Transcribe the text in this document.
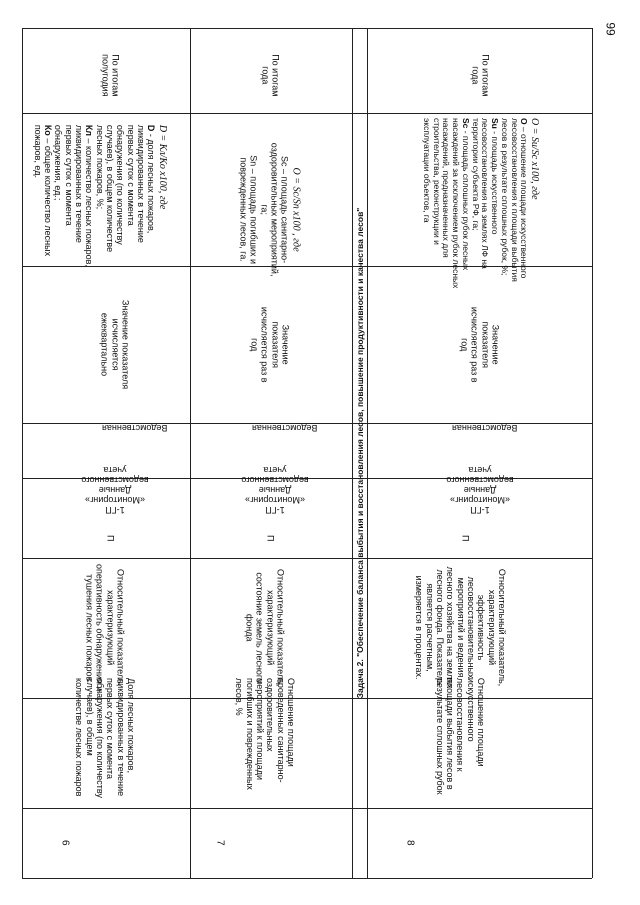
99
6
Доля лесных пожаров, ликвидированных в течение первых суток с момента обнаружения (по количеству случаев), в общем количестве лесных пожаров
Относительный показатель, характеризующий оперативность обнаружения и тушения лесных пожаров
П
1-ГП «Мониторинг» Данные ведомственного учета
Ведомственная
Значение показателя исчисляется ежеквартально
D = Кл/Ко x100, где
D - доля лесных пожаров, ликвидированных в течение первых суток с момента обнаружения (по количеству случаев), в общем количестве лесных пожаров, %;
Кл – количество лесных пожаров, ликвидированных в течение первых суток с момента обнаружения, ед.;
Ко – общее количество лесных пожаров, ед.
По итогам полугодия
7
Отношение площади проведенных санитарно-оздоровительных мероприятий к площади погибших и поврежденных лесов, %
Относительный показатель, характеризующий состояние земель лесного фонда
П
1-ГП «Мониторинг» Данные ведомственного учета
Ведомственная
Значение показателя исчисляется раз в год
O = Sc/Sn x100 , где
Sc – площадь санитарно-оздоровительных мероприятий, га;
Sn – площадь погибших и поврежденных лесов, га.
По итогам года
Задача 2. "Обеспечение баланса выбытия и восстановления лесов, повышение продуктивности и качества лесов"
8
Отношение площади искусственного лесовосстановления к площади выбытия лесов в результате сплошных рубок
Относительный показатель, характеризующий эффективность лесовосстановительных мероприятий и ведения лесного хозяйства на землях лесного фонда. Показатель является расчетным, измеряется в процентах.
П
1-ГП «Мониторинг» Данные ведомственного учета
Ведомственная
Значение показателя исчисляется раз в год
O = Su/Sc x100, где
O – отношение площади искусственного лесовосстановления к площади выбытия лесов в результате сплошных рубок, %;
Su - площадь искусственного лесовосстановления на землях ЛФ на территории субъекта РФ, га;
Sc - площадь сплошных рубок лесных насаждений за исключением рубок лесных насаждений, предназначенных для строительства, реконструкции и эксплуатации объектов, га
По итогам года
